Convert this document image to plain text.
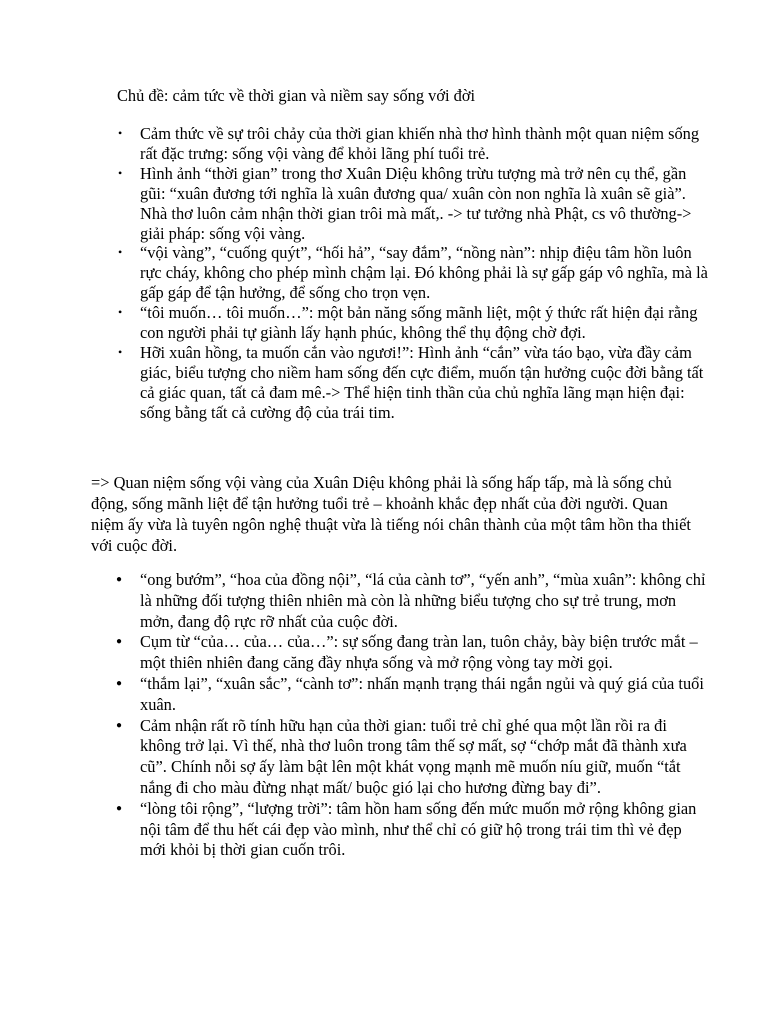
Chủ đề: cảm tức về thời gian và niềm say sống với đời

• Cảm thức về sự trôi chảy của thời gian khiến nhà thơ hình thành một quan niệm sống rất đặc trưng: sống vội vàng để khỏi lãng phí tuổi trẻ.
• Hình ảnh “thời gian” trong thơ Xuân Diệu không trừu tượng mà trở nên cụ thể, gần gũi: “xuân đương tới nghĩa là xuân đương qua/ xuân còn non nghĩa là xuân sẽ già”. Nhà thơ luôn cảm nhận thời gian trôi mà mất,. -> tư tưởng nhà Phật, cs vô thường-> giải pháp: sống vội vàng.
• “vội vàng”, “cuống quýt”, “hối hả”, “say đắm”, “nồng nàn”: nhịp điệu tâm hồn luôn rực cháy, không cho phép mình chậm lại. Đó không phải là sự gấp gáp vô nghĩa, mà là gấp gáp để tận hưởng, để sống cho trọn vẹn.
• “tôi muốn… tôi muốn…”: một bản năng sống mãnh liệt, một ý thức rất hiện đại rằng con người phải tự giành lấy hạnh phúc, không thể thụ động chờ đợi.
• Hỡi xuân hồng, ta muốn cắn vào ngươi!”: Hình ảnh “cắn” vừa táo bạo, vừa đầy cảm giác, biểu tượng cho niềm ham sống đến cực điểm, muốn tận hưởng cuộc đời bằng tất cả giác quan, tất cả đam mê.-> Thể hiện tinh thần của chủ nghĩa lãng mạn hiện đại: sống bằng tất cả cường độ của trái tim.

=> Quan niệm sống vội vàng của Xuân Diệu không phải là sống hấp tấp, mà là sống chủ động, sống mãnh liệt để tận hưởng tuổi trẻ – khoảnh khắc đẹp nhất của đời người. Quan niệm ấy vừa là tuyên ngôn nghệ thuật vừa là tiếng nói chân thành của một tâm hồn tha thiết với cuộc đời.

● “ong bướm”, “hoa của đồng nội”, “lá của cành tơ”, “yến anh”, “mùa xuân”: không chỉ là những đối tượng thiên nhiên mà còn là những biểu tượng cho sự trẻ trung, mơn mởn, đang độ rực rỡ nhất của cuộc đời.
● Cụm từ “của… của… của…”: sự sống đang tràn lan, tuôn chảy, bày biện trước mắt – một thiên nhiên đang căng đầy nhựa sống và mở rộng vòng tay mời gọi.
● “thắm lại”, “xuân sắc”, “cành tơ”: nhấn mạnh trạng thái ngắn ngủi và quý giá của tuổi xuân.
● Cảm nhận rất rõ tính hữu hạn của thời gian: tuổi trẻ chỉ ghé qua một lần rồi ra đi không trở lại. Vì thế, nhà thơ luôn trong tâm thế sợ mất, sợ “chớp mắt đã thành xưa cũ”. Chính nỗi sợ ấy làm bật lên một khát vọng mạnh mẽ muốn níu giữ, muốn “tắt nắng đi cho màu đừng nhạt mất/ buộc gió lại cho hương đừng bay đi”.
● “lòng tôi rộng”, “lượng trời”: tâm hồn ham sống đến mức muốn mở rộng không gian nội tâm để thu hết cái đẹp vào mình, như thể chỉ có giữ hộ trong trái tim thì vẻ đẹp mới khỏi bị thời gian cuốn trôi.
